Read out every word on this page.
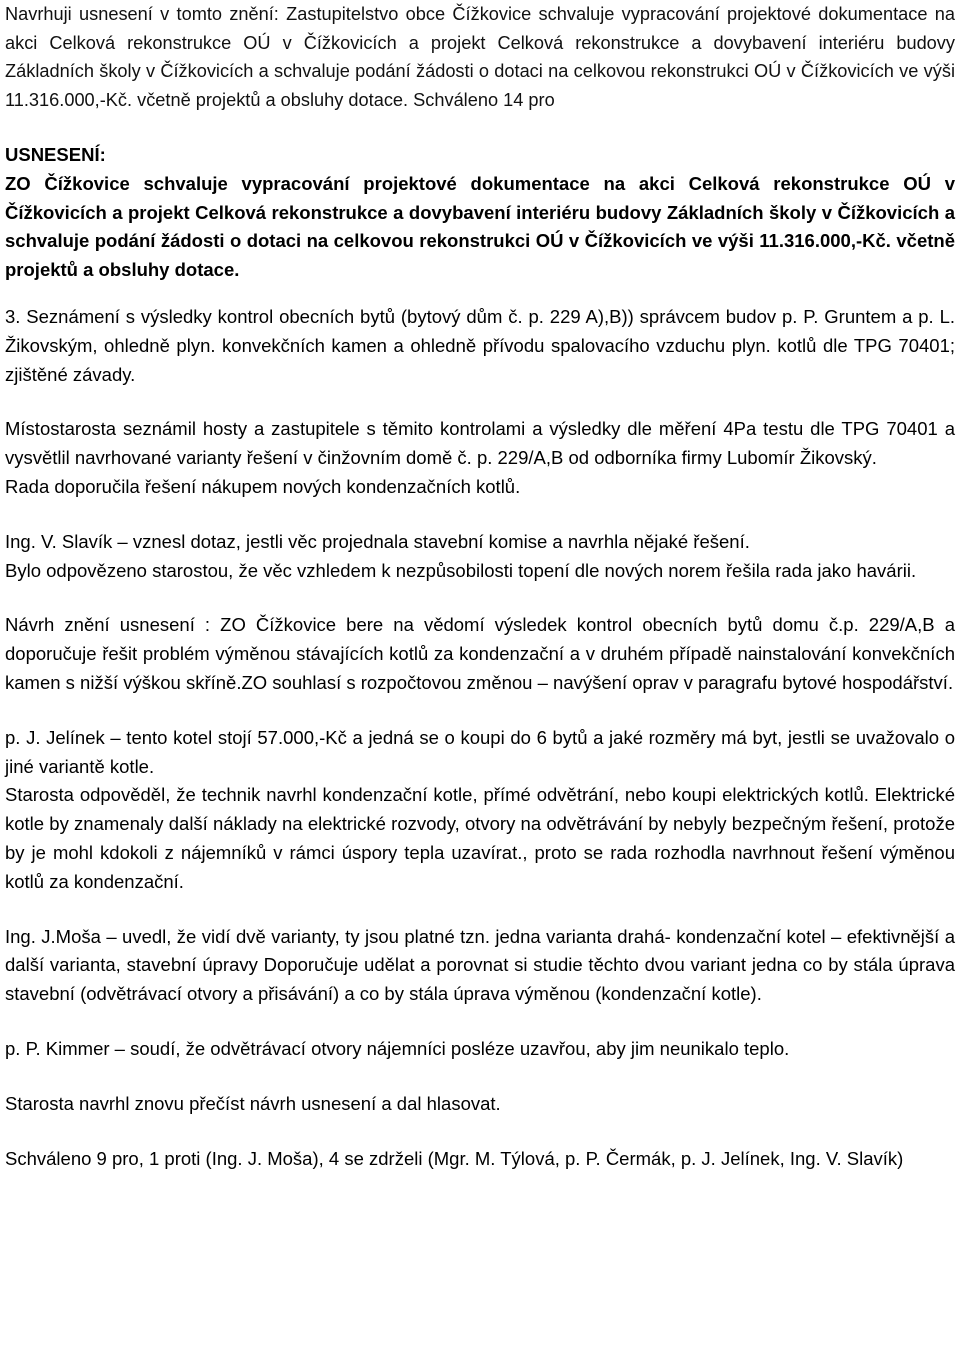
Navrhuji usnesení v tomto znění: Zastupitelstvo obce Čížkovice schvaluje vypracování projektové dokumentace na akci Celková rekonstrukce OÚ v Čížkovicích a projekt Celková rekonstrukce a dovybavení interiéru budovy Základních školy v Čížkovicích a schvaluje podání žádosti o dotaci na celkovou rekonstrukci OÚ v Čížkovicích ve výši 11.316.000,-Kč. včetně projektů a obsluhy dotace. Schváleno 14 pro

USNESENÍ:

ZO Čížkovice schvaluje vypracování projektové dokumentace na akci Celková rekonstrukce OÚ v Čížkovicích a projekt Celková rekonstrukce a dovybavení interiéru budovy Základních školy v Čížkovicích a schvaluje podání žádosti o dotaci na celkovou rekonstrukci OÚ v Čížkovicích ve výši 11.316.000,-Kč. včetně projektů a obsluhy dotace.

3. Seznámení s výsledky kontrol obecních bytů (bytový dům č. p. 229 A),B)) správcem budov p. P. Gruntem a p. L. Žikovským, ohledně plyn. konvekčních kamen a ohledně přívodu spalovacího vzduchu plyn. kotlů dle TPG 70401; zjištěné závady.

Místostarosta seznámil hosty a zastupitele s těmito kontrolami a výsledky dle měření 4Pa testu dle TPG 70401 a vysvětlil navrhované varianty řešení v činžovním domě č. p. 229/A,B od odborníka firmy Lubomír Žikovský.
Rada doporučila řešení nákupem nových kondenzačních kotlů.
Ing. V. Slavík – vznesl dotaz, jestli věc projednala stavební komise a navrhla nějaké řešení.
Bylo odpovězeno starostou, že věc vzhledem k nezpůsobilosti topení dle nových norem řešila rada jako havárii.
Návrh znění usnesení : ZO Čížkovice bere na vědomí výsledek kontrol obecních bytů domu č.p. 229/A,B a doporučuje řešit problém výměnou stávajících kotlů za kondenzační a v druhém případě nainstalování konvekčních kamen s nižší výškou skříně.ZO souhlasí s rozpočtovou změnou – navýšení oprav v paragrafu bytové hospodářství.
p. J. Jelínek – tento kotel stojí 57.000,-Kč a jedná se o koupi do 6 bytů a jaké rozměry má byt, jestli se uvažovalo o jiné variantě kotle.
Starosta odpověděl, že technik navrhl kondenzační kotle, přímé odvětrání, nebo koupi elektrických kotlů. Elektrické kotle by znamenaly další náklady na elektrické rozvody, otvory na odvětrávání by nebyly bezpečným řešení, protože by je mohl kdokoli z nájemníků v rámci úspory tepla uzavírat., proto se rada rozhodla navrhnout řešení výměnou kotlů za kondenzační.
Ing. J.Moša – uvedl, že vidí dvě varianty, ty jsou platné tzn. jedna varianta drahá- kondenzační kotel – efektivnější a další varianta, stavební úpravy Doporučuje udělat a porovnat si studie těchto dvou variant jedna co by stála úprava stavební (odvětrávací otvory a přisávání) a co by stála úprava výměnou (kondenzační kotle).
p. P. Kimmer – soudí, že odvětrávací otvory nájemníci posléze uzavřou, aby jim neunikalo teplo.
Starosta navrhl znovu přečíst návrh usnesení a dal hlasovat.
Schváleno 9 pro, 1 proti (Ing. J. Moša), 4 se zdrželi (Mgr. M. Týlová, p. P. Čermák, p. J. Jelínek, Ing. V. Slavík)
